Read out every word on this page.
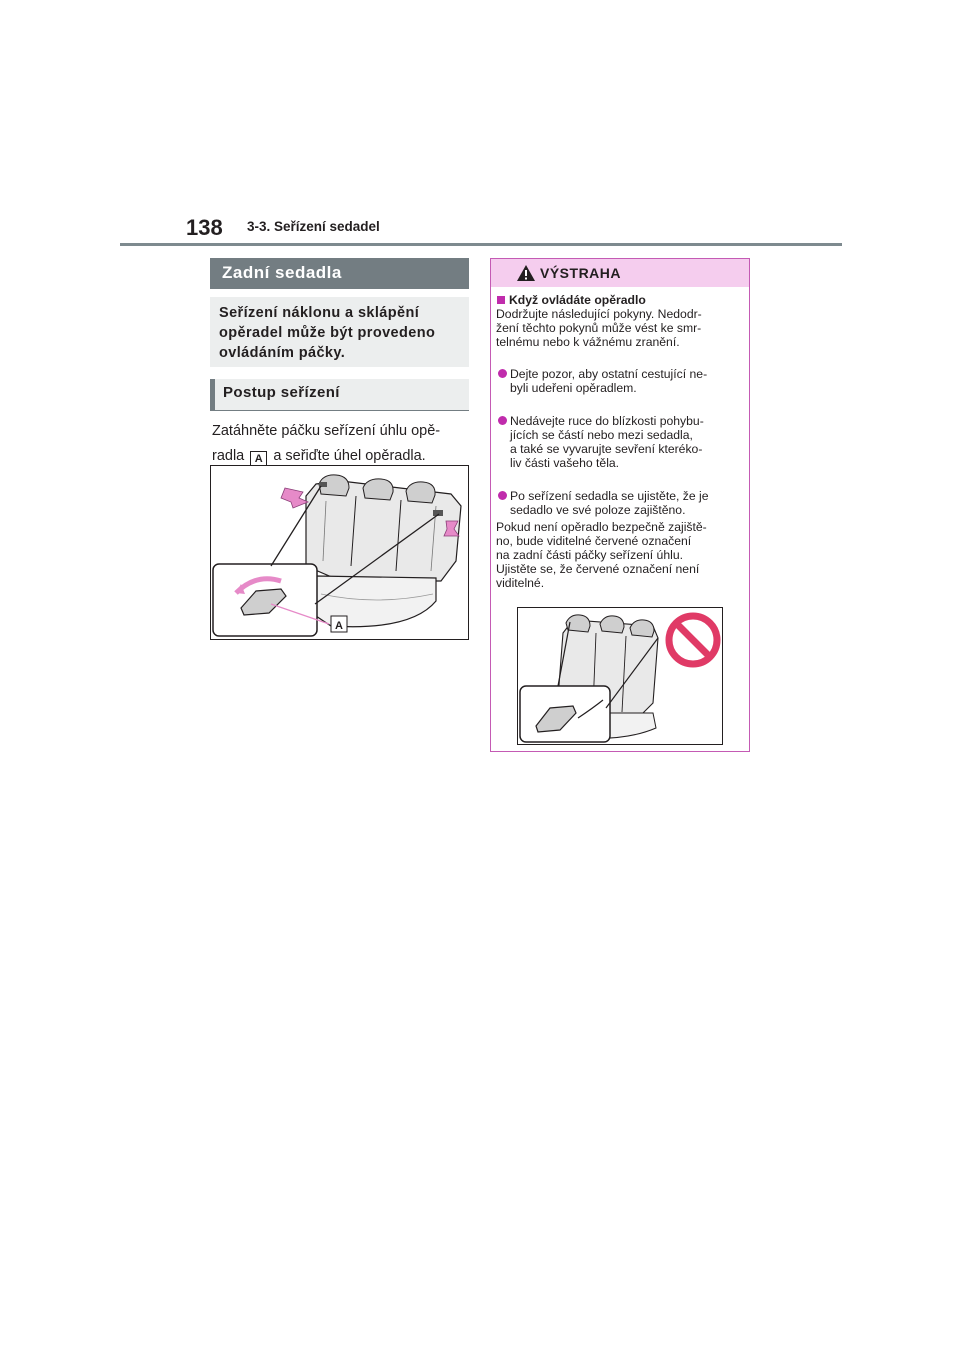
138 3-3. Seřízení sedadel
Zadní sedadla
Seřízení náklonu a sklápění opěradel může být provedeno ovládáním páčky.
Postup seřízení
Zatáhněte páčku seřízení úhlu opě-radla A a seřiďte úhel opěradla.
A
VÝSTRAHA
Když ovládáte opěradlo
Dodržujte následující pokyny. Nedodr-
žení těchto pokynů může vést ke smr-
telnému nebo k vážnému zranění.
Dejte pozor, aby ostatní cestující ne-
byli udeřeni opěradlem.
Nedávejte ruce do blízkosti pohybu-
jících se částí nebo mezi sedadla,
a také se vyvarujte sevření kteréko-
liv části vašeho těla.
Po seřízení sedadla se ujistěte, že je
sedadlo ve své poloze zajištěno.
Pokud není opěradlo bezpečně zajiště-
no, bude viditelné červené označení
na zadní části páčky seřízení úhlu.
Ujistěte se, že červené označení není
viditelné.
